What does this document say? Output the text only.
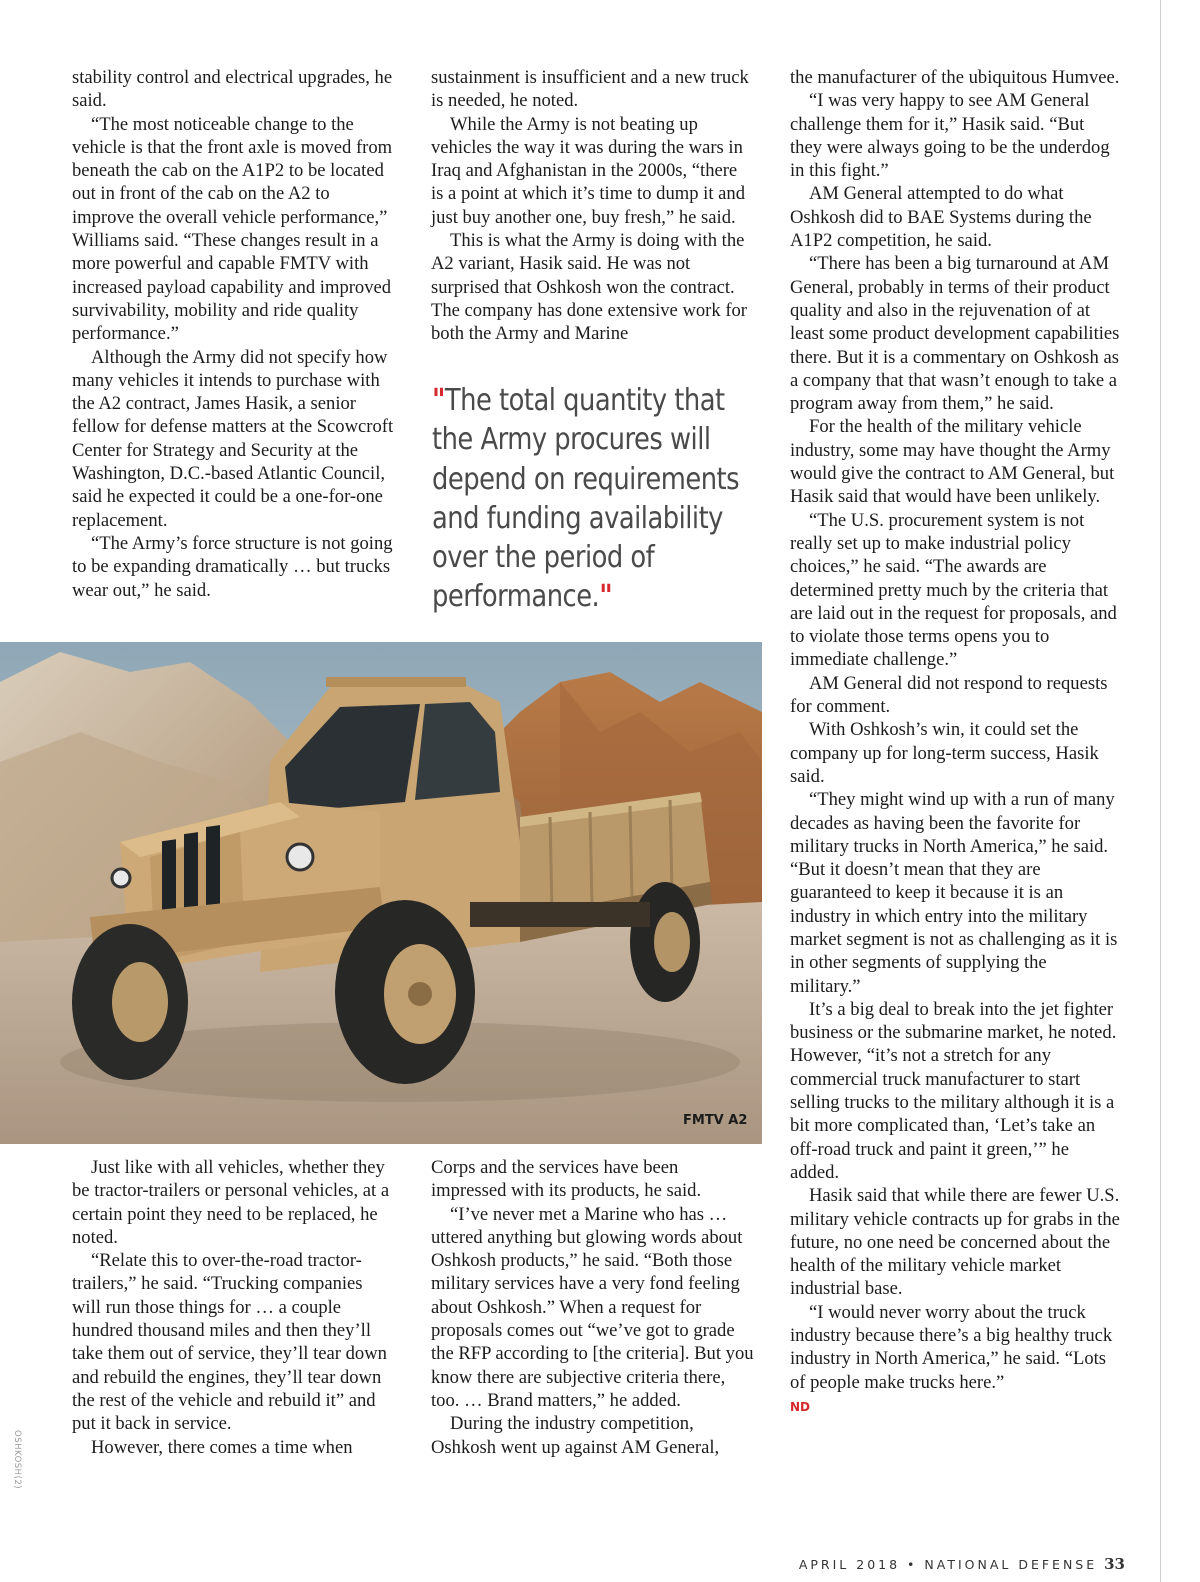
stability control and electrical upgrades, he said.

“The most noticeable change to the vehicle is that the front axle is moved from beneath the cab on the A1P2 to be located out in front of the cab on the A2 to improve the overall vehicle performance,” Williams said. “These changes result in a more powerful and capable FMTV with increased payload capability and improved survivability, mobility and ride quality performance.”

Although the Army did not specify how many vehicles it intends to purchase with the A2 contract, James Hasik, a senior fellow for defense matters at the Scowcroft Center for Strategy and Security at the Washington, D.C.-based Atlantic Council, said he expected it could be a one-for-one replacement.

“The Army’s force structure is not going to be expanding dramatically … but trucks wear out,” he said.

sustainment is insufficient and a new truck is needed, he noted.

While the Army is not beating up vehicles the way it was during the wars in Iraq and Afghanistan in the 2000s, “there is a point at which it’s time to dump it and just buy another one, buy fresh,” he said.

This is what the Army is doing with the A2 variant, Hasik said. He was not surprised that Oshkosh won the contract. The company has done extensive work for both the Army and Marine

"The total quantity that
the Army procures will
depend on requirements
and funding availability
over the period of
performance."

the manufacturer of the ubiquitous Humvee.

“I was very happy to see AM General challenge them for it,” Hasik said. “But they were always going to be the underdog in this fight.”

AM General attempted to do what Oshkosh did to BAE Systems during the A1P2 competition, he said.

“There has been a big turnaround at AM General, probably in terms of their product quality and also in the rejuvenation of at least some product development capabilities there. But it is a commentary on Oshkosh as a company that that wasn’t enough to take a program away from them,” he said.

For the health of the military vehicle industry, some may have thought the Army would give the contract to AM General, but Hasik said that would have been unlikely.

“The U.S. procurement system is not really set up to make industrial policy choices,” he said. “The awards are determined pretty much by the criteria that are laid out in the request for proposals, and to violate those terms opens you to immediate challenge.”

AM General did not respond to requests for comment.

With Oshkosh’s win, it could set the company up for long-term success, Hasik said.

“They might wind up with a run of many decades as having been the favorite for military trucks in North America,” he said. “But it doesn’t mean that they are guaranteed to keep it because it is an industry in which entry into the military market segment is not as challenging as it is in other segments of supplying the military.”

It’s a big deal to break into the jet fighter business or the submarine market, he noted. However, “it’s not a stretch for any commercial truck manufacturer to start selling trucks to the military although it is a bit more complicated than, ‘Let’s take an off-road truck and paint it green,’” he added.

Hasik said that while there are fewer U.S. military vehicle contracts up for grabs in the future, no one need be concerned about the health of the military vehicle market industrial base.

“I would never worry about the truck industry because there’s a big healthy truck industry in North America,” he said. “Lots of people make trucks here.”

ND

FMTV A2
OSHKOSH(2)

Just like with all vehicles, whether they be tractor-trailers or personal vehicles, at a certain point they need to be replaced, he noted.

“Relate this to over-the-road tractor-trailers,” he said. “Trucking companies will run those things for … a couple hundred thousand miles and then they’ll take them out of service, they’ll tear down and rebuild the engines, they’ll tear down the rest of the vehicle and rebuild it” and put it back in service.

However, there comes a time when

Corps and the services have been impressed with its products, he said.

“I’ve never met a Marine who has … uttered anything but glowing words about Oshkosh products,” he said. “Both those military services have a very fond feeling about Oshkosh.” When a request for proposals comes out “we’ve got to grade the RFP according to [the criteria]. But you know there are subjective criteria there, too. … Brand matters,” he added.

During the industry competition, Oshkosh went up against AM General,

APRIL 2018 • NATIONAL DEFENSE 33
